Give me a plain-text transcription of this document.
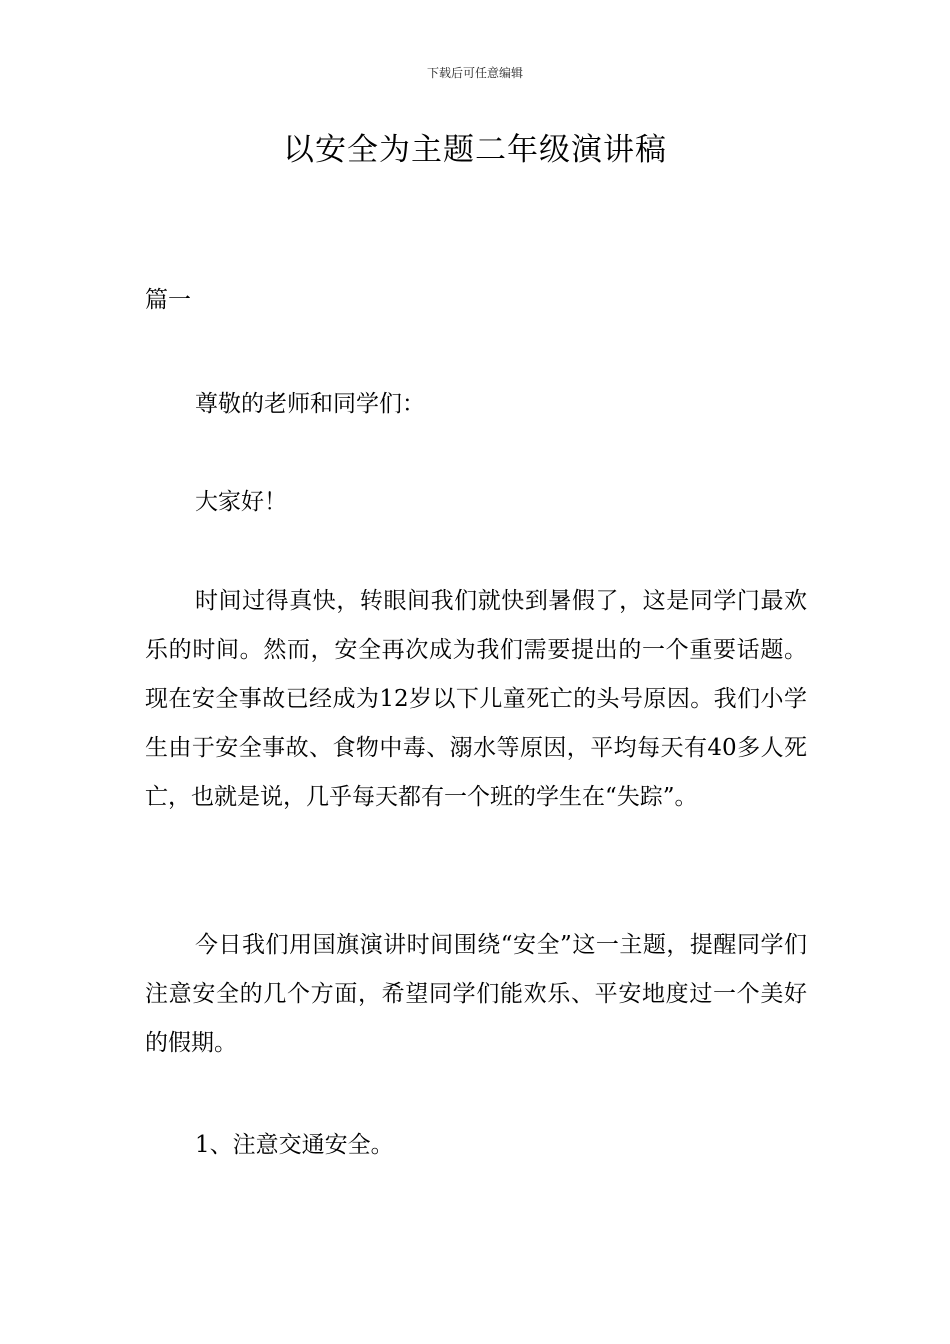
下载后可任意编辑
以安全为主题二年级演讲稿
篇一

尊敬的老师和同学们：

大家好！

时间过得真快，转眼间我们就快到暑假了，这是同学门最欢乐的时间。然而，安全再次成为我们需要提出的一个重要话题。现在安全事故已经成为12岁以下儿童死亡的头号原因。我们小学生由于安全事故、食物中毒、溺水等原因，平均每天有40多人死亡，也就是说，几乎每天都有一个班的学生在“失踪”。

今日我们用国旗演讲时间围绕“安全”这一主题，提醒同学们注意安全的几个方面，希望同学们能欢乐、平安地度过一个美好的假期。

1、注意交通安全。
